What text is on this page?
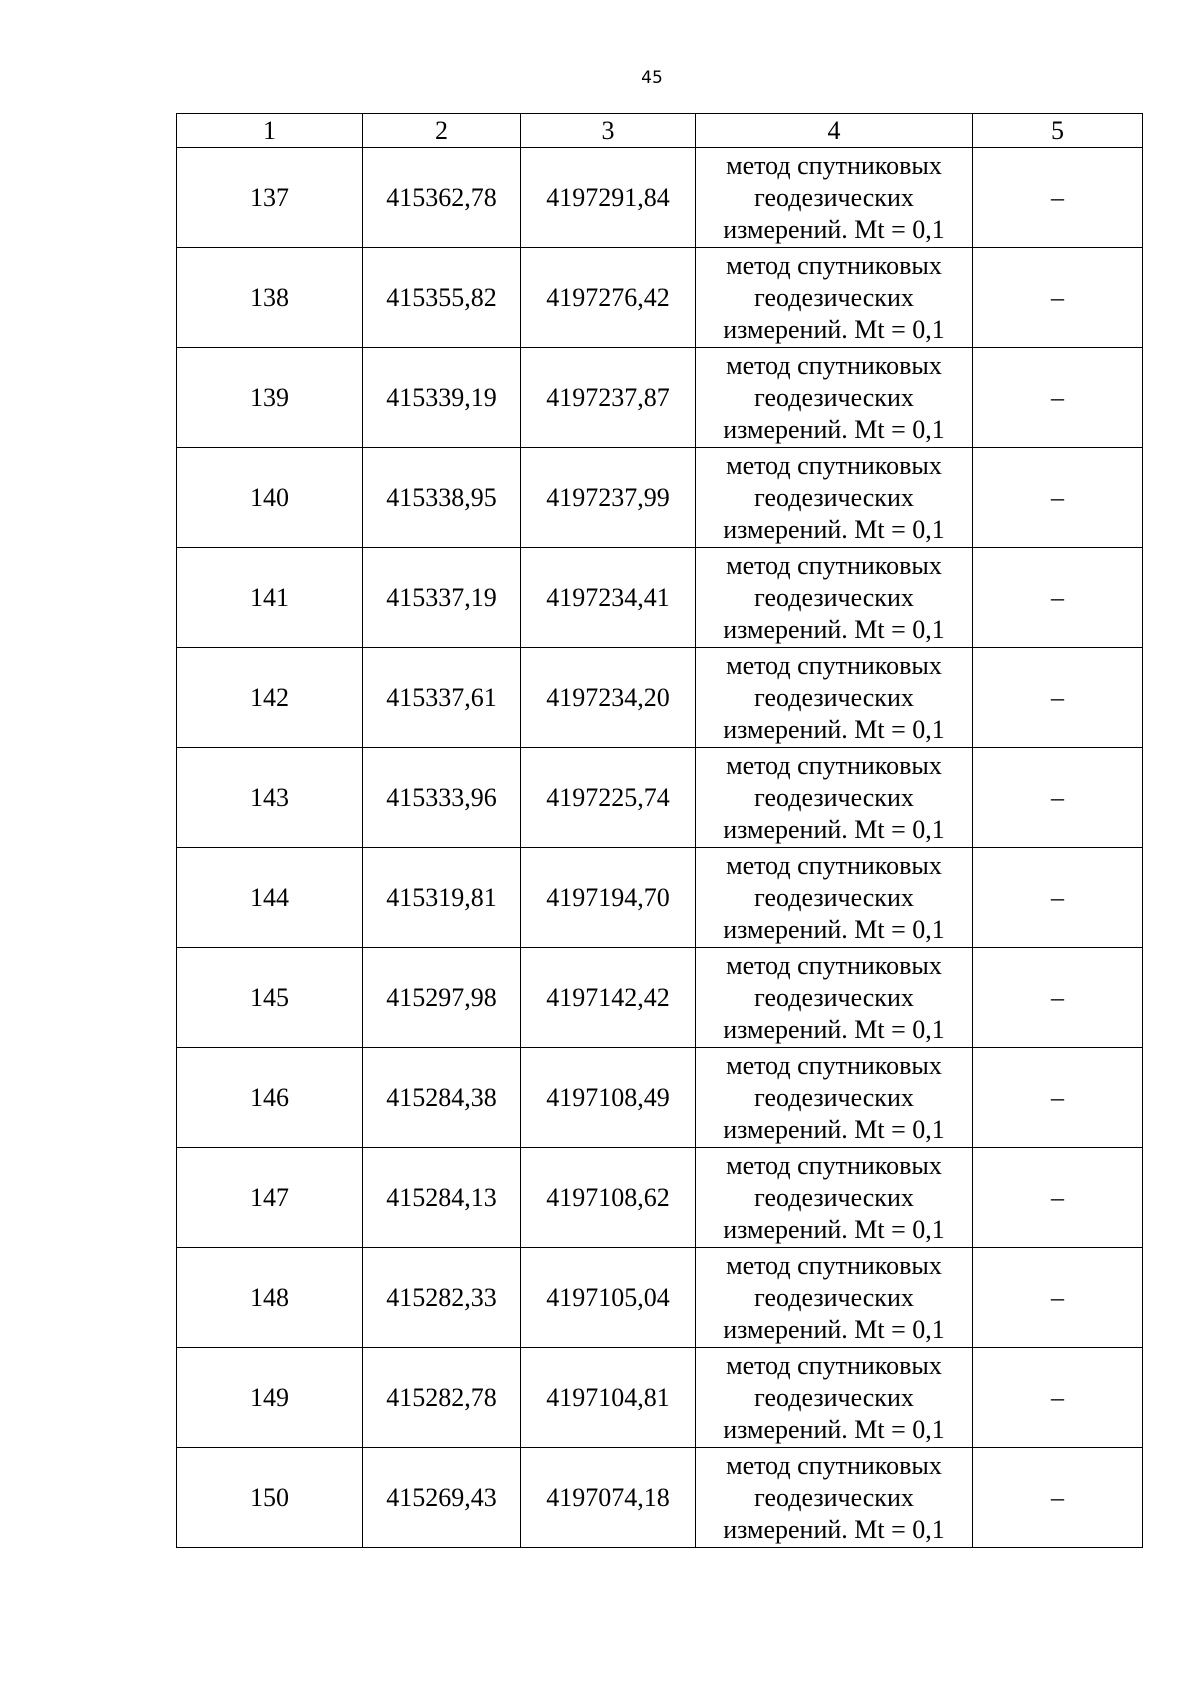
45
1	2	3	4	5
137	415362,78	4197291,84	метод спутниковых
геодезических
измерений. Mt = 0,1	–
138	415355,82	4197276,42	метод спутниковых
геодезических
измерений. Mt = 0,1	–
139	415339,19	4197237,87	метод спутниковых
геодезических
измерений. Mt = 0,1	–
140	415338,95	4197237,99	метод спутниковых
геодезических
измерений. Mt = 0,1	–
141	415337,19	4197234,41	метод спутниковых
геодезических
измерений. Mt = 0,1	–
142	415337,61	4197234,20	метод спутниковых
геодезических
измерений. Mt = 0,1	–
143	415333,96	4197225,74	метод спутниковых
геодезических
измерений. Mt = 0,1	–
144	415319,81	4197194,70	метод спутниковых
геодезических
измерений. Mt = 0,1	–
145	415297,98	4197142,42	метод спутниковых
геодезических
измерений. Mt = 0,1	–
146	415284,38	4197108,49	метод спутниковых
геодезических
измерений. Mt = 0,1	–
147	415284,13	4197108,62	метод спутниковых
геодезических
измерений. Mt = 0,1	–
148	415282,33	4197105,04	метод спутниковых
геодезических
измерений. Mt = 0,1	–
149	415282,78	4197104,81	метод спутниковых
геодезических
измерений. Mt = 0,1	–
150	415269,43	4197074,18	метод спутниковых
геодезических
измерений. Mt = 0,1	–
